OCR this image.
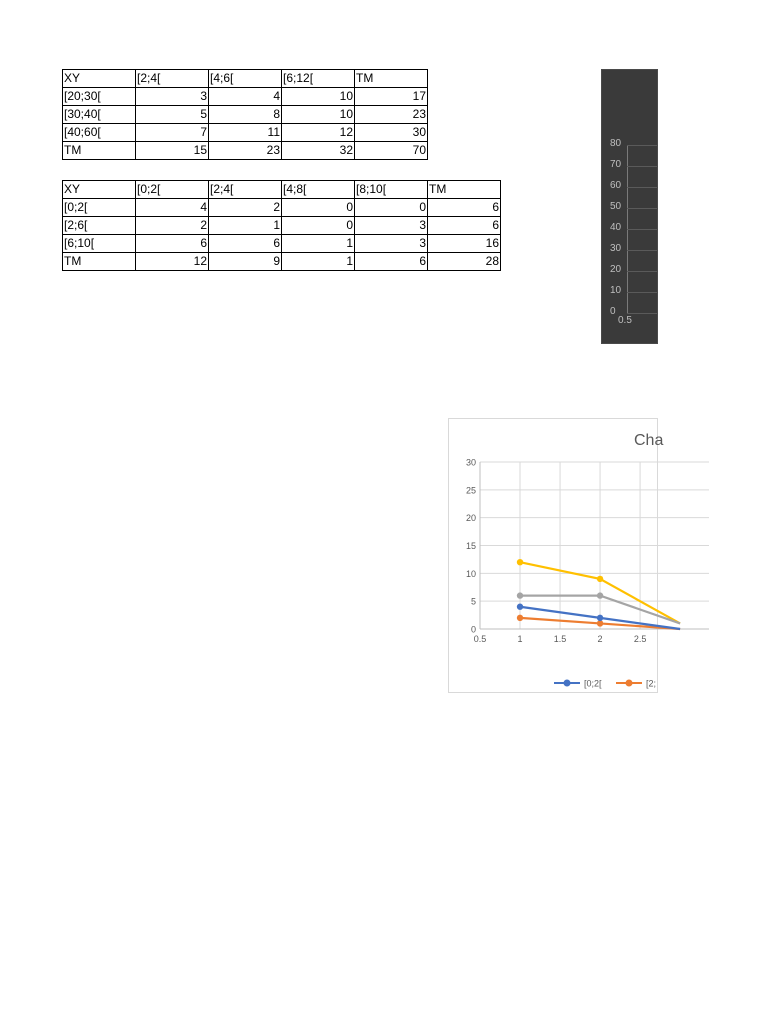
XY	[2;4[	[4;6[	[6;12[	TM
[20;30[	3	4	10	17
[30;40[	5	8	10	23
[40;60[	7	11	12	30
TM	15	23	32	70
XY	[0;2[	[2;4[	[4;8[	[8;10[	TM
[0;2[	4	2	0	0	6
[2;6[	2	1	0	3	6
[6;10[	6	6	1	3	16
TM	12	9	1	6	28
80
70
60
50
40
30
20
10
0
0.5
30
25
20
15
10
5
0
0.5	1	1.5	2	2.5
[0;2[	[2;
Cha
